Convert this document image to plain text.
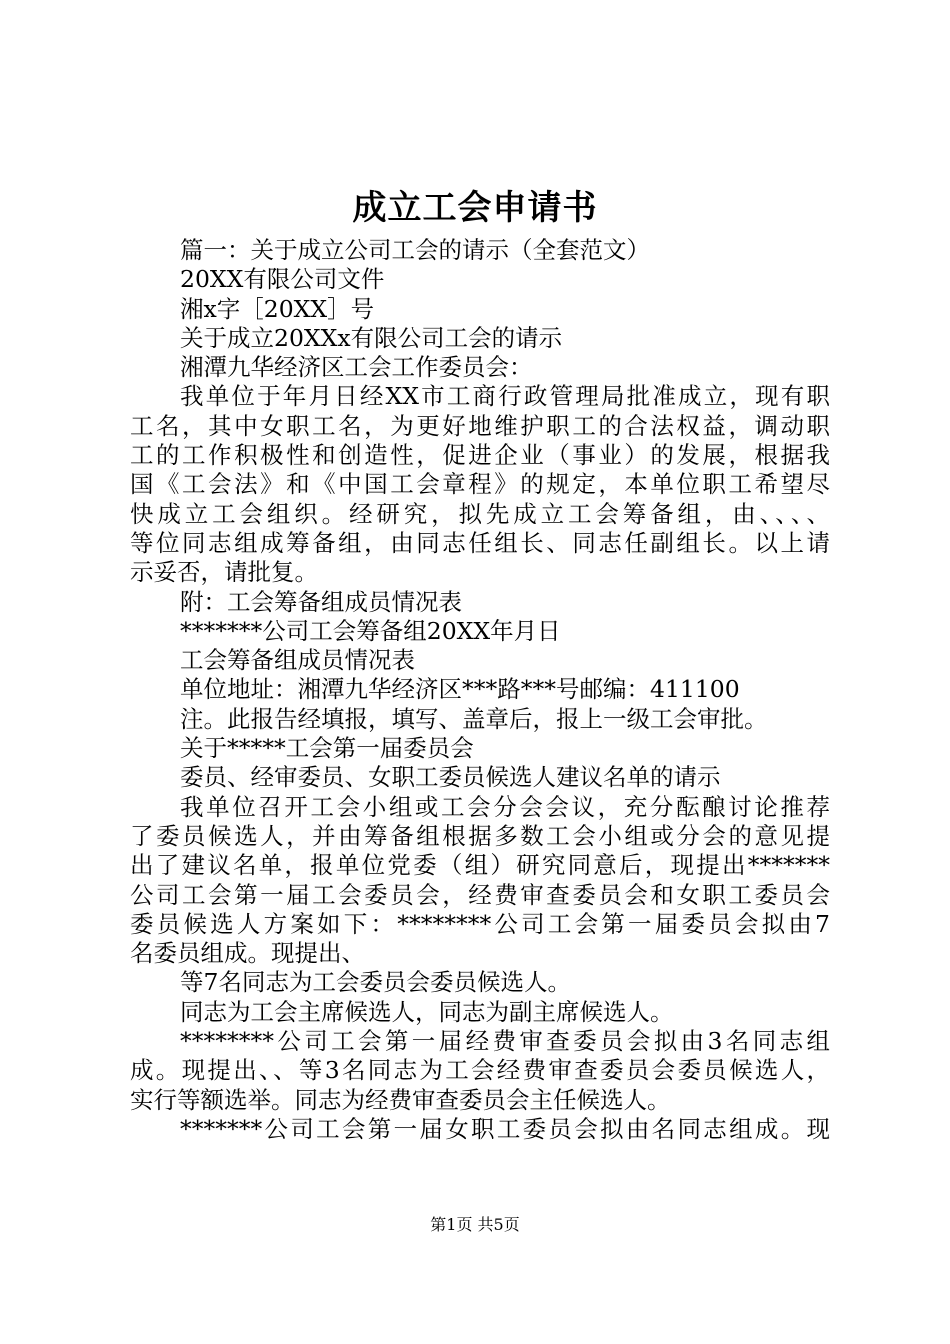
成立工会申请书
篇一：关于成立公司工会的请示（全套范文）
20XX有限公司文件
湘x字［20XX］号
关于成立20XXx有限公司工会的请示
湘潭九华经济区工会工作委员会：
我单位于年月日经XX市工商行政管理局批准成立，现有职
工名，其中女职工名，为更好地维护职工的合法权益，调动职
工的工作积极性和创造性，促进企业（事业）的发展，根据我
国《工会法》和《中国工会章程》的规定，本单位职工希望尽
快成立工会组织。经研究，拟先成立工会筹备组，由、、、、
等位同志组成筹备组，由同志任组长、同志任副组长。以上请
示妥否，请批复。
附：工会筹备组成员情况表
*******公司工会筹备组20XX年月日
工会筹备组成员情况表
单位地址：湘潭九华经济区***路***号邮编：411100
注。此报告经填报，填写、盖章后，报上一级工会审批。
关于*****工会第一届委员会
委员、经审委员、女职工委员候选人建议名单的请示
我单位召开工会小组或工会分会会议，充分酝酿讨论推荐
了委员候选人，并由筹备组根据多数工会小组或分会的意见提
出了建议名单，报单位党委（组）研究同意后，现提出*******
公司工会第一届工会委员会，经费审查委员会和女职工委员会
委员候选人方案如下：********公司工会第一届委员会拟由7
名委员组成。现提出、
等7名同志为工会委员会委员候选人。
同志为工会主席候选人，同志为副主席候选人。
********公司工会第一届经费审查委员会拟由3名同志组
成。现提出、、等3名同志为工会经费审查委员会委员候选人，
实行等额选举。同志为经费审查委员会主任候选人。
*******公司工会第一届女职工委员会拟由名同志组成。现
第1页 共5页
